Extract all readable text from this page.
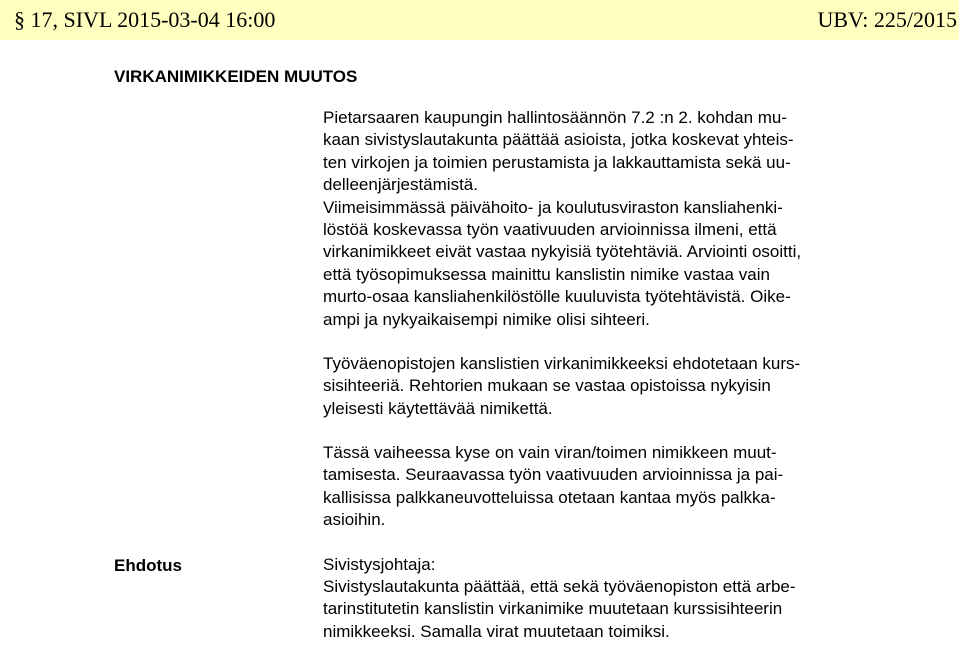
§ 17, SIVL 2015-03-04 16:00	UBV: 225/2015
VIRKANIMIKKEIDEN MUUTOS
Ehdotus
Pietarsaaren kaupungin hallintosäännön 7.2 :n 2. kohdan mu-
kaan sivistyslautakunta päättää asioista, jotka koskevat yhteis-
ten virkojen ja toimien perustamista ja lakkauttamista sekä uu-
delleenjärjestämistä.
Viimeisimmässä päivähoito- ja koulutusviraston kansliahenki-
löstöä koskevassa työn vaativuuden arvioinnissa ilmeni, että
virkanimikkeet eivät vastaa nykyisiä työtehtäviä. Arviointi osoitti,
että työsopimuksessa mainittu kanslistin nimike vastaa vain
murto-osaa kansliahenkilöstölle kuuluvista työtehtävistä. Oike-
ampi ja nykyaikaisempi nimike olisi sihteeri.
Työväenopistojen kanslistien virkanimikkeeksi ehdotetaan kurs-
sisihteeriä. Rehtorien mukaan se vastaa opistoissa nykyisin
yleisesti käytettävää nimikettä.
Tässä vaiheessa kyse on vain viran/toimen nimikkeen muut-
tamisesta. Seuraavassa työn vaativuuden arvioinnissa ja pai-
kallisissa palkkaneuvotteluissa otetaan kantaa myös palkka-
asioihin.
Sivistysjohtaja:
Sivistyslautakunta päättää, että sekä työväenopiston että arbe-
tarinstitutetin kanslistin virkanimike muutetaan kurssisihteerin
nimikkeeksi. Samalla virat muutetaan toimiksi.
